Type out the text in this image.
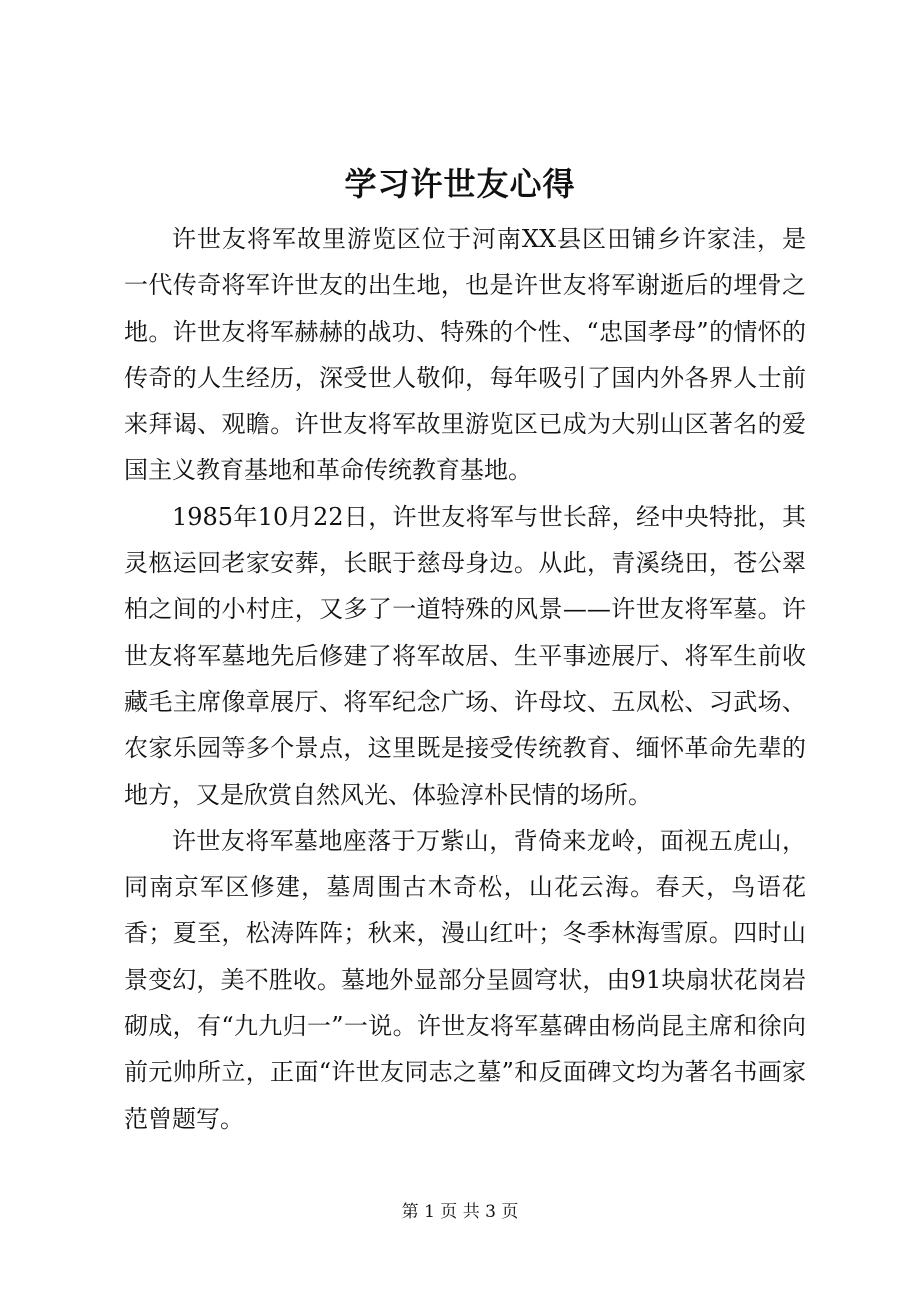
学习许世友心得

许世友将军故里游览区位于河南XX县区田铺乡许家洼，是一代传奇将军许世友的出生地，也是许世友将军谢逝后的埋骨之地。许世友将军赫赫的战功、特殊的个性、“忠国孝母”的情怀的传奇的人生经历，深受世人敬仰，每年吸引了国内外各界人士前来拜谒、观瞻。许世友将军故里游览区已成为大别山区著名的爱国主义教育基地和革命传统教育基地。

1985年10月22日，许世友将军与世长辞，经中央特批，其灵柩运回老家安葬，长眠于慈母身边。从此，青溪绕田，苍公翠柏之间的小村庄，又多了一道特殊的风景——许世友将军墓。许世友将军墓地先后修建了将军故居、生平事迹展厅、将军生前收藏毛主席像章展厅、将军纪念广场、许母坟、五凤松、习武场、农家乐园等多个景点，这里既是接受传统教育、缅怀革命先辈的地方，又是欣赏自然风光、体验淳朴民情的场所。

许世友将军墓地座落于万紫山，背倚来龙岭，面视五虎山，同南京军区修建，墓周围古木奇松，山花云海。春天，鸟语花香；夏至，松涛阵阵；秋来，漫山红叶；冬季林海雪原。四时山景变幻，美不胜收。墓地外显部分呈圆穹状，由91块扇状花岗岩砌成，有“九九归一”一说。许世友将军墓碑由杨尚昆主席和徐向前元帅所立，正面“许世友同志之墓”和反面碑文均为著名书画家范曾题写。

第 1 页 共 3 页
